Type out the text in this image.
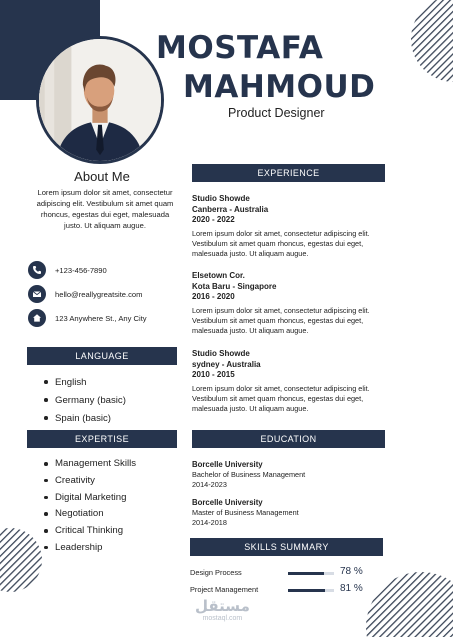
MOSTAFA
MAHMOUD
Product Designer
About Me
Lorem ipsum dolor sit amet, consectetur adipiscing elit. Vestibulum sit amet quam rhoncus, egestas dui eget, malesuada justo. Ut aliquam augue.
+123-456-7890
hello@reallygreatsite.com
123 Anywhere St., Any City
LANGUAGE
English
Germany (basic)
Spain (basic)
EXPERTISE
Management Skills
Creativity
Digital Marketing
Negotiation
Critical Thinking
Leadership
EXPERIENCE
Studio Showde
Canberra - Australia
2020 - 2022
Lorem ipsum dolor sit amet, consectetur adipiscing elit. Vestibulum sit amet quam rhoncus, egestas dui eget, malesuada justo. Ut aliquam augue.
Elsetown Cor.
Kota Baru - Singapore
2016 - 2020
Lorem ipsum dolor sit amet, consectetur adipiscing elit. Vestibulum sit amet quam rhoncus, egestas dui eget, malesuada justo. Ut aliquam augue.
Studio Showde
sydney - Australia
2010 - 2015
Lorem ipsum dolor sit amet, consectetur adipiscing elit. Vestibulum sit amet quam rhoncus, egestas dui eget, malesuada justo. Ut aliquam augue.
EDUCATION
Borcelle University
Bachelor of Business Management
2014-2023
Borcelle University
Master of Business Management
2014-2018
SKILLS SUMMARY
Design Process	78 %
Project Management	81 %
مستقل
mostaql.com
